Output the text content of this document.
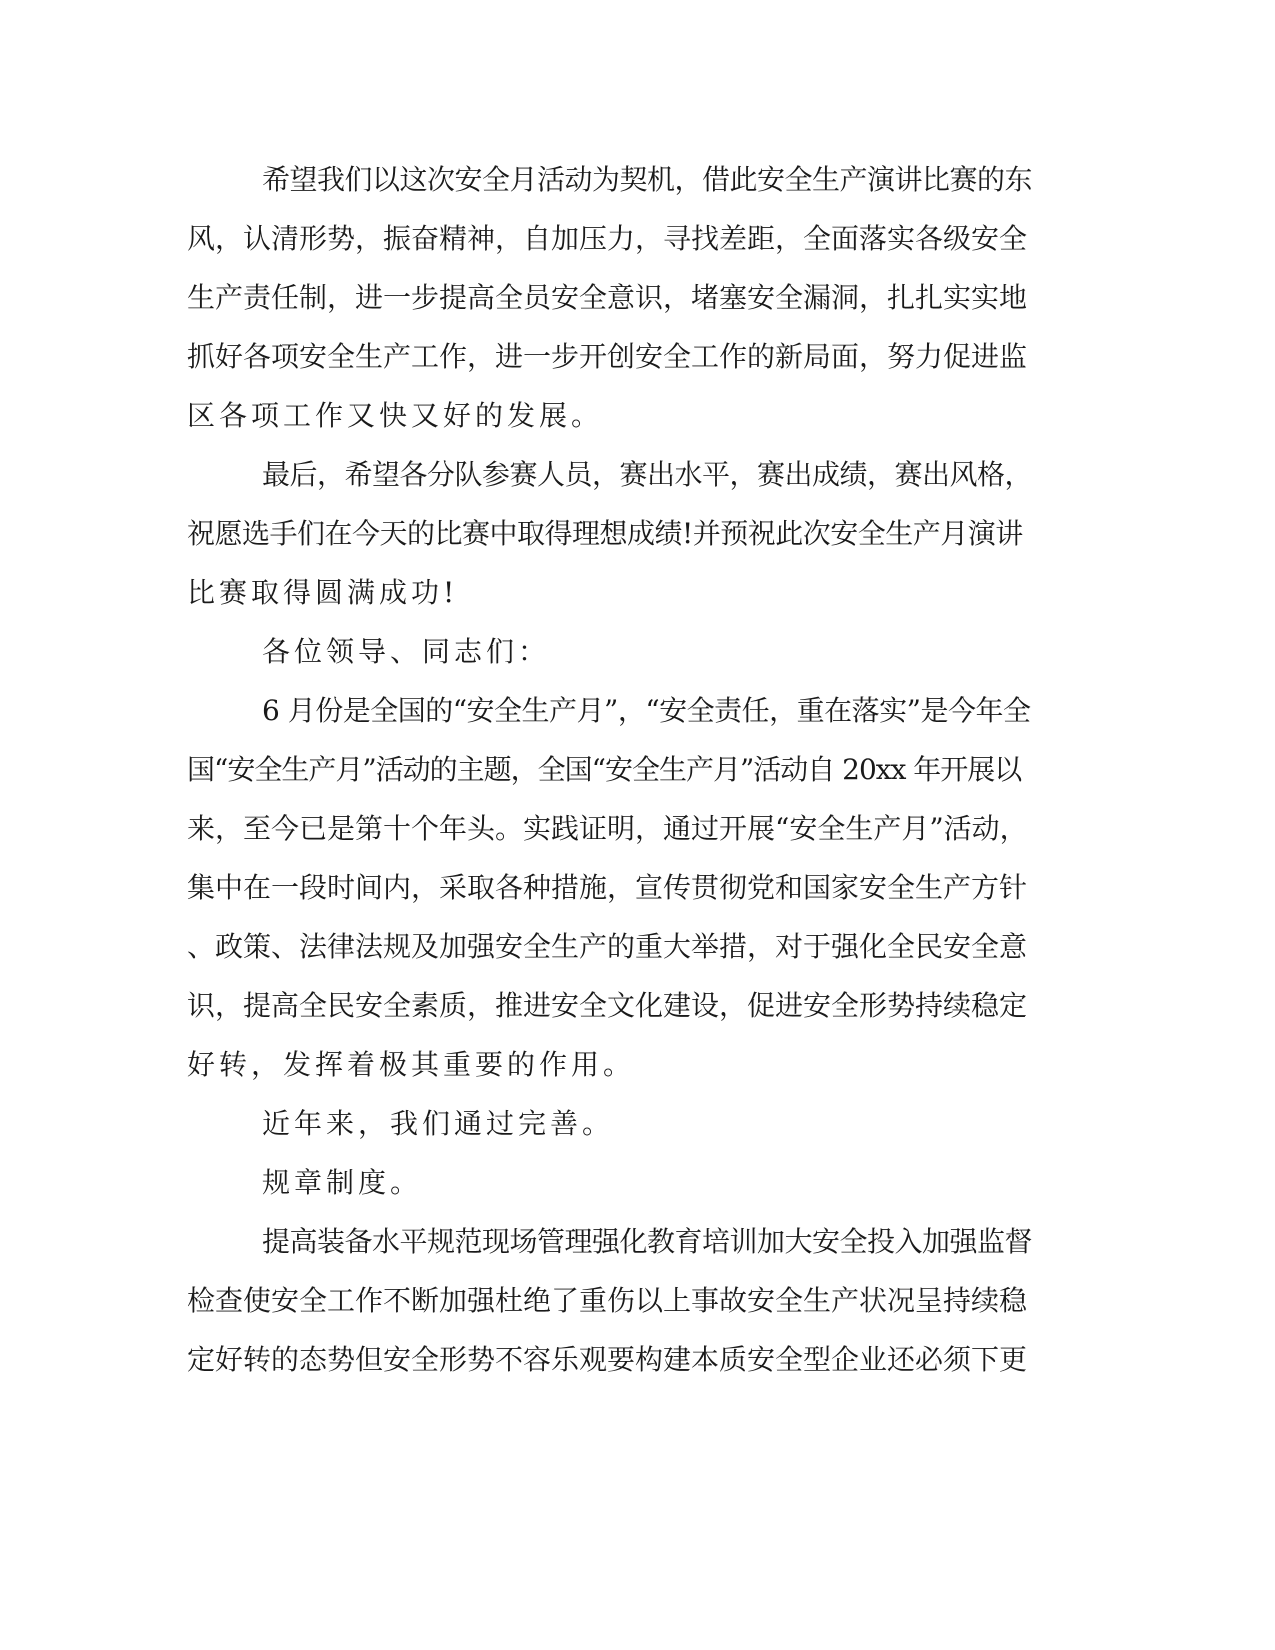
希望我们以这次安全月活动为契机，借此安全生产演讲比赛的东
风，认清形势，振奋精神，自加压力，寻找差距，全面落实各级安全
生产责任制，进一步提高全员安全意识，堵塞安全漏洞，扎扎实实地
抓好各项安全生产工作，进一步开创安全工作的新局面，努力促进监
区各项工作又快又好的发展。
最后，希望各分队参赛人员，赛出水平，赛出成绩，赛出风格，
祝愿选手们在今天的比赛中取得理想成绩!并预祝此次安全生产月演讲
比赛取得圆满成功!
各位领导、同志们：
6 月份是全国的“安全生产月”，“安全责任，重在落实”是今年全
国“安全生产月”活动的主题，全国“安全生产月”活动自 20xx 年开展以
来，至今已是第十个年头。实践证明，通过开展“安全生产月”活动，
集中在一段时间内，采取各种措施，宣传贯彻党和国家安全生产方针
、政策、法律法规及加强安全生产的重大举措，对于强化全民安全意
识，提高全民安全素质，推进安全文化建设，促进安全形势持续稳定
好转，发挥着极其重要的作用。
近年来，我们通过完善。
规章制度。
提高装备水平规范现场管理强化教育培训加大安全投入加强监督
检查使安全工作不断加强杜绝了重伤以上事故安全生产状况呈持续稳
定好转的态势但安全形势不容乐观要构建本质安全型企业还必须下更
